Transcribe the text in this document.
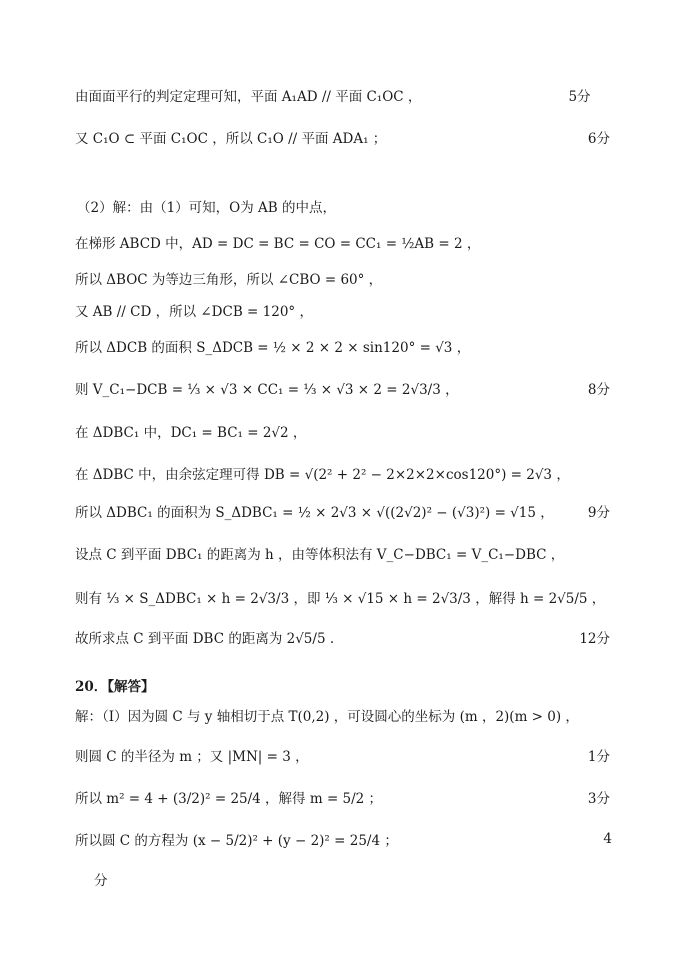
由面面平行的判定定理可知，平面 A₁AD // 平面 C₁OC ，	5分
又 C₁O ⊂ 平面 C₁OC ，所以 C₁O // 平面 ADA₁ ；	6分
（2）解：由（1）可知，O为 AB 的中点，
在梯形 ABCD 中，AD = DC = BC = CO = CC₁ = ½AB = 2 ，
所以 ΔBOC 为等边三角形，所以 ∠CBO = 60° ，
又 AB // CD ，所以 ∠DCB = 120° ，
所以 ΔDCB 的面积 S_ΔDCB = ½ × 2 × 2 × sin120° = √3 ，
则 V_C₁−DCB = ⅓ × √3 × CC₁ = ⅓ × √3 × 2 = 2√3/3 ，	8分
在 ΔDBC₁ 中，DC₁ = BC₁ = 2√2 ，
在 ΔDBC 中，由余弦定理可得 DB = √(2² + 2² − 2×2×2×cos120°) = 2√3 ，
所以 ΔDBC₁ 的面积为 S_ΔDBC₁ = ½ × 2√3 × √((2√2)² − (√3)²) = √15 ，	9分
设点 C 到平面 DBC₁ 的距离为 h ，由等体积法有 V_C−DBC₁ = V_C₁−DBC ，
则有 ⅓ × S_ΔDBC₁ × h = 2√3/3 ，即 ⅓ × √15 × h = 2√3/3 ，解得 h = 2√5/5 ，
故所求点 C 到平面 DBC 的距离为 2√5/5 .	12分
20．【解答】
解：（Ⅰ）因为圆 C 与 y 轴相切于点 T(0,2) ，可设圆心的坐标为 (m ，2)(m > 0) ，
则圆 C 的半径为 m ；又 |MN| = 3 ，	1分
所以 m² = 4 + (3/2)² = 25/4 ，解得 m = 5/2 ；	3分
所以圆 C 的方程为 (x − 5/2)² + (y − 2)² = 25/4 ；	4
分
